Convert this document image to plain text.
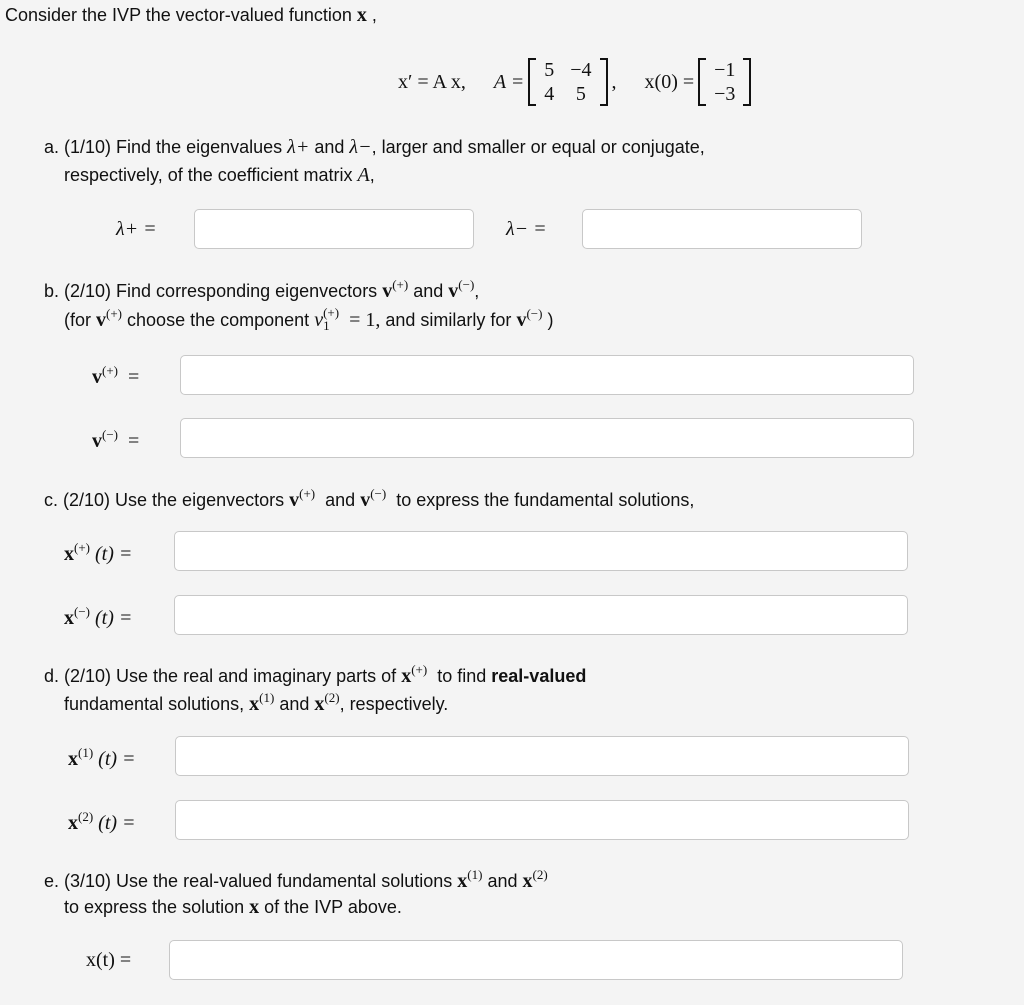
Consider the IVP the vector-valued function x ,
x′ = A x, A =
5	−4
4	5
, x(0) =
−1
−3
a. (1/10) Find the eigenvalues λ+ and λ−, larger and smaller or equal or conjugate,
respectively, of the coefficient matrix A,
λ+ =	λ− =
b. (2/10) Find corresponding eigenvectors v(+) and v(−),
(for v(+) choose the component v (+)
1 = 1, and similarly for v(−) )
v(+) =
v(−) =
c. (2/10) Use the eigenvectors v(+) and v(−) to express the fundamental solutions,
x(+) (t) =
x(−) (t) =
d. (2/10) Use the real and imaginary parts of x(+) to find real-valued
fundamental solutions, $x^{(1)}$ and $x^{(2)}$, respectively.
$x^{(1)}$ (t) =
$x^{(2)}$ (t) =
e. (3/10) Use the real-valued fundamental solutions $x^{(1)}$ and $x^{(2)}$
to express the solution x of the IVP above.
x(t) =
